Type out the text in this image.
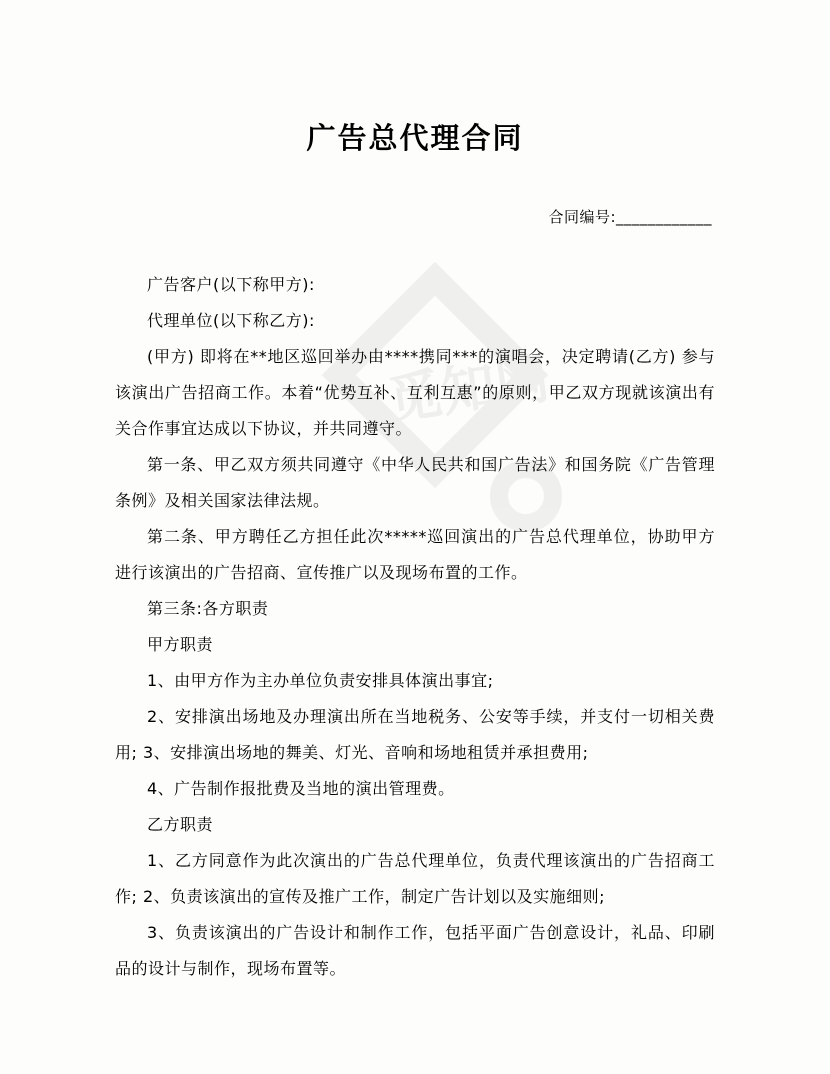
觅知网
广告总代理合同
合同编号:____________

广告客户(以下称甲方):

代理单位(以下称乙方):

(甲方) 即将在**地区巡回举办由****携同***的演唱会，决定聘请(乙方) 参与该演出广告招商工作。本着“优势互补、互利互惠”的原则，甲乙双方现就该演出有关合作事宜达成以下协议，并共同遵守。

第一条、甲乙双方须共同遵守《中华人民共和国广告法》和国务院《广告管理条例》及相关国家法律法规。

第二条、甲方聘任乙方担任此次*****巡回演出的广告总代理单位，协助甲方进行该演出的广告招商、宣传推广以及现场布置的工作。

第三条:各方职责

甲方职责

1、由甲方作为主办单位负责安排具体演出事宜;

2、安排演出场地及办理演出所在当地税务、公安等手续，并支付一切相关费用; 3、安排演出场地的舞美、灯光、音响和场地租赁并承担费用;

4、广告制作报批费及当地的演出管理费。

乙方职责

1、乙方同意作为此次演出的广告总代理单位，负责代理该演出的广告招商工作; 2、负责该演出的宣传及推广工作，制定广告计划以及实施细则;

3、负责该演出的广告设计和制作工作，包括平面广告创意设计，礼品、印刷品的设计与制作，现场布置等。
